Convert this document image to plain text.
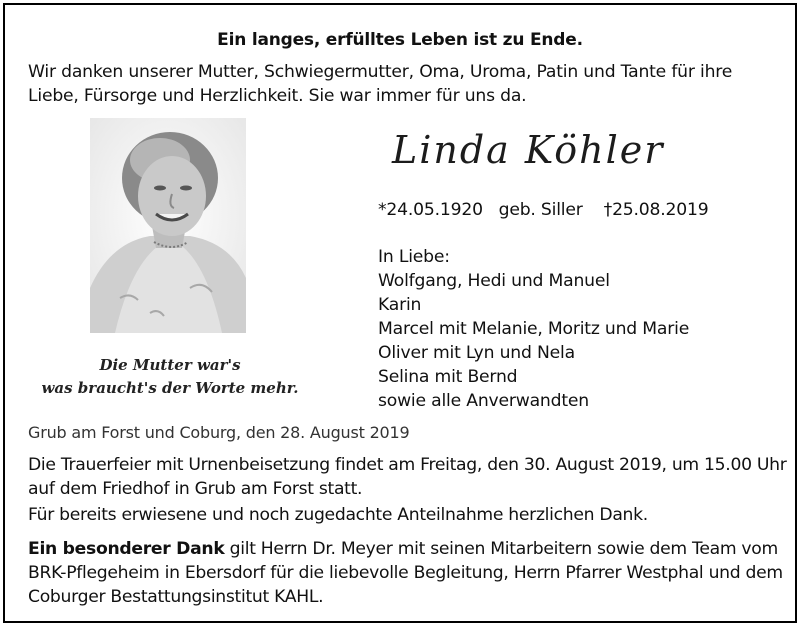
Ein langes, erfülltes Leben ist zu Ende.
Wir danken unserer Mutter, Schwiegermutter, Oma, Uroma, Patin und Tante für ihre Liebe, Fürsorge und Herzlichkeit. Sie war immer für uns da.
Die Mutter war's
was braucht's der Worte mehr.
Linda Köhler
*24.05.1920 geb. Siller †25.08.2019
In Liebe:
Wolfgang, Hedi und Manuel
Karin
Marcel mit Melanie, Moritz und Marie
Oliver mit Lyn und Nela
Selina mit Bernd
sowie alle Anverwandten
Grub am Forst und Coburg, den 28. August 2019
Die Trauerfeier mit Urnenbeisetzung findet am Freitag, den 30. August 2019, um 15.00 Uhr auf dem Friedhof in Grub am Forst statt.
Für bereits erwiesene und noch zugedachte Anteilnahme herzlichen Dank.
Ein besonderer Dank gilt Herrn Dr. Meyer mit seinen Mitarbeitern sowie dem Team vom BRK-Pflegeheim in Ebersdorf für die liebevolle Begleitung, Herrn Pfarrer Westphal und dem Coburger Bestattungsinstitut KAHL.
